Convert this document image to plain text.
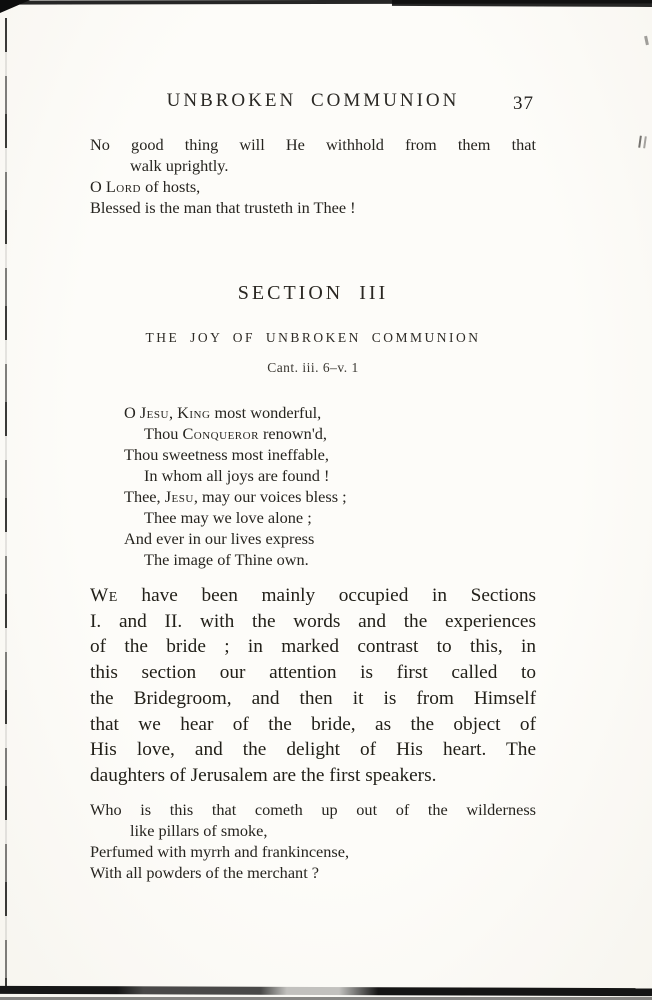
UNBROKEN COMMUNION	37
No good thing will He withhold from them that
walk uprightly.
O Lord of hosts,
Blessed is the man that trusteth in Thee !
SECTION III
THE JOY OF UNBROKEN COMMUNION
Cant. iii. 6–v. 1
O Jesu, King most wonderful,
Thou Conqueror renown'd,
Thou sweetness most ineffable,
In whom all joys are found !
Thee, Jesu, may our voices bless ;
Thee may we love alone ;
And ever in our lives express
The image of Thine own.
We have been mainly occupied in Sections
I. and II. with the words and the experiences
of the bride ; in marked contrast to this, in
this section our attention is first called to
the Bridegroom, and then it is from Himself
that we hear of the bride, as the object of
His love, and the delight of His heart. The
daughters of Jerusalem are the first speakers.
Who is this that cometh up out of the wilderness
like pillars of smoke,
Perfumed with myrrh and frankincense,
With all powders of the merchant ?
